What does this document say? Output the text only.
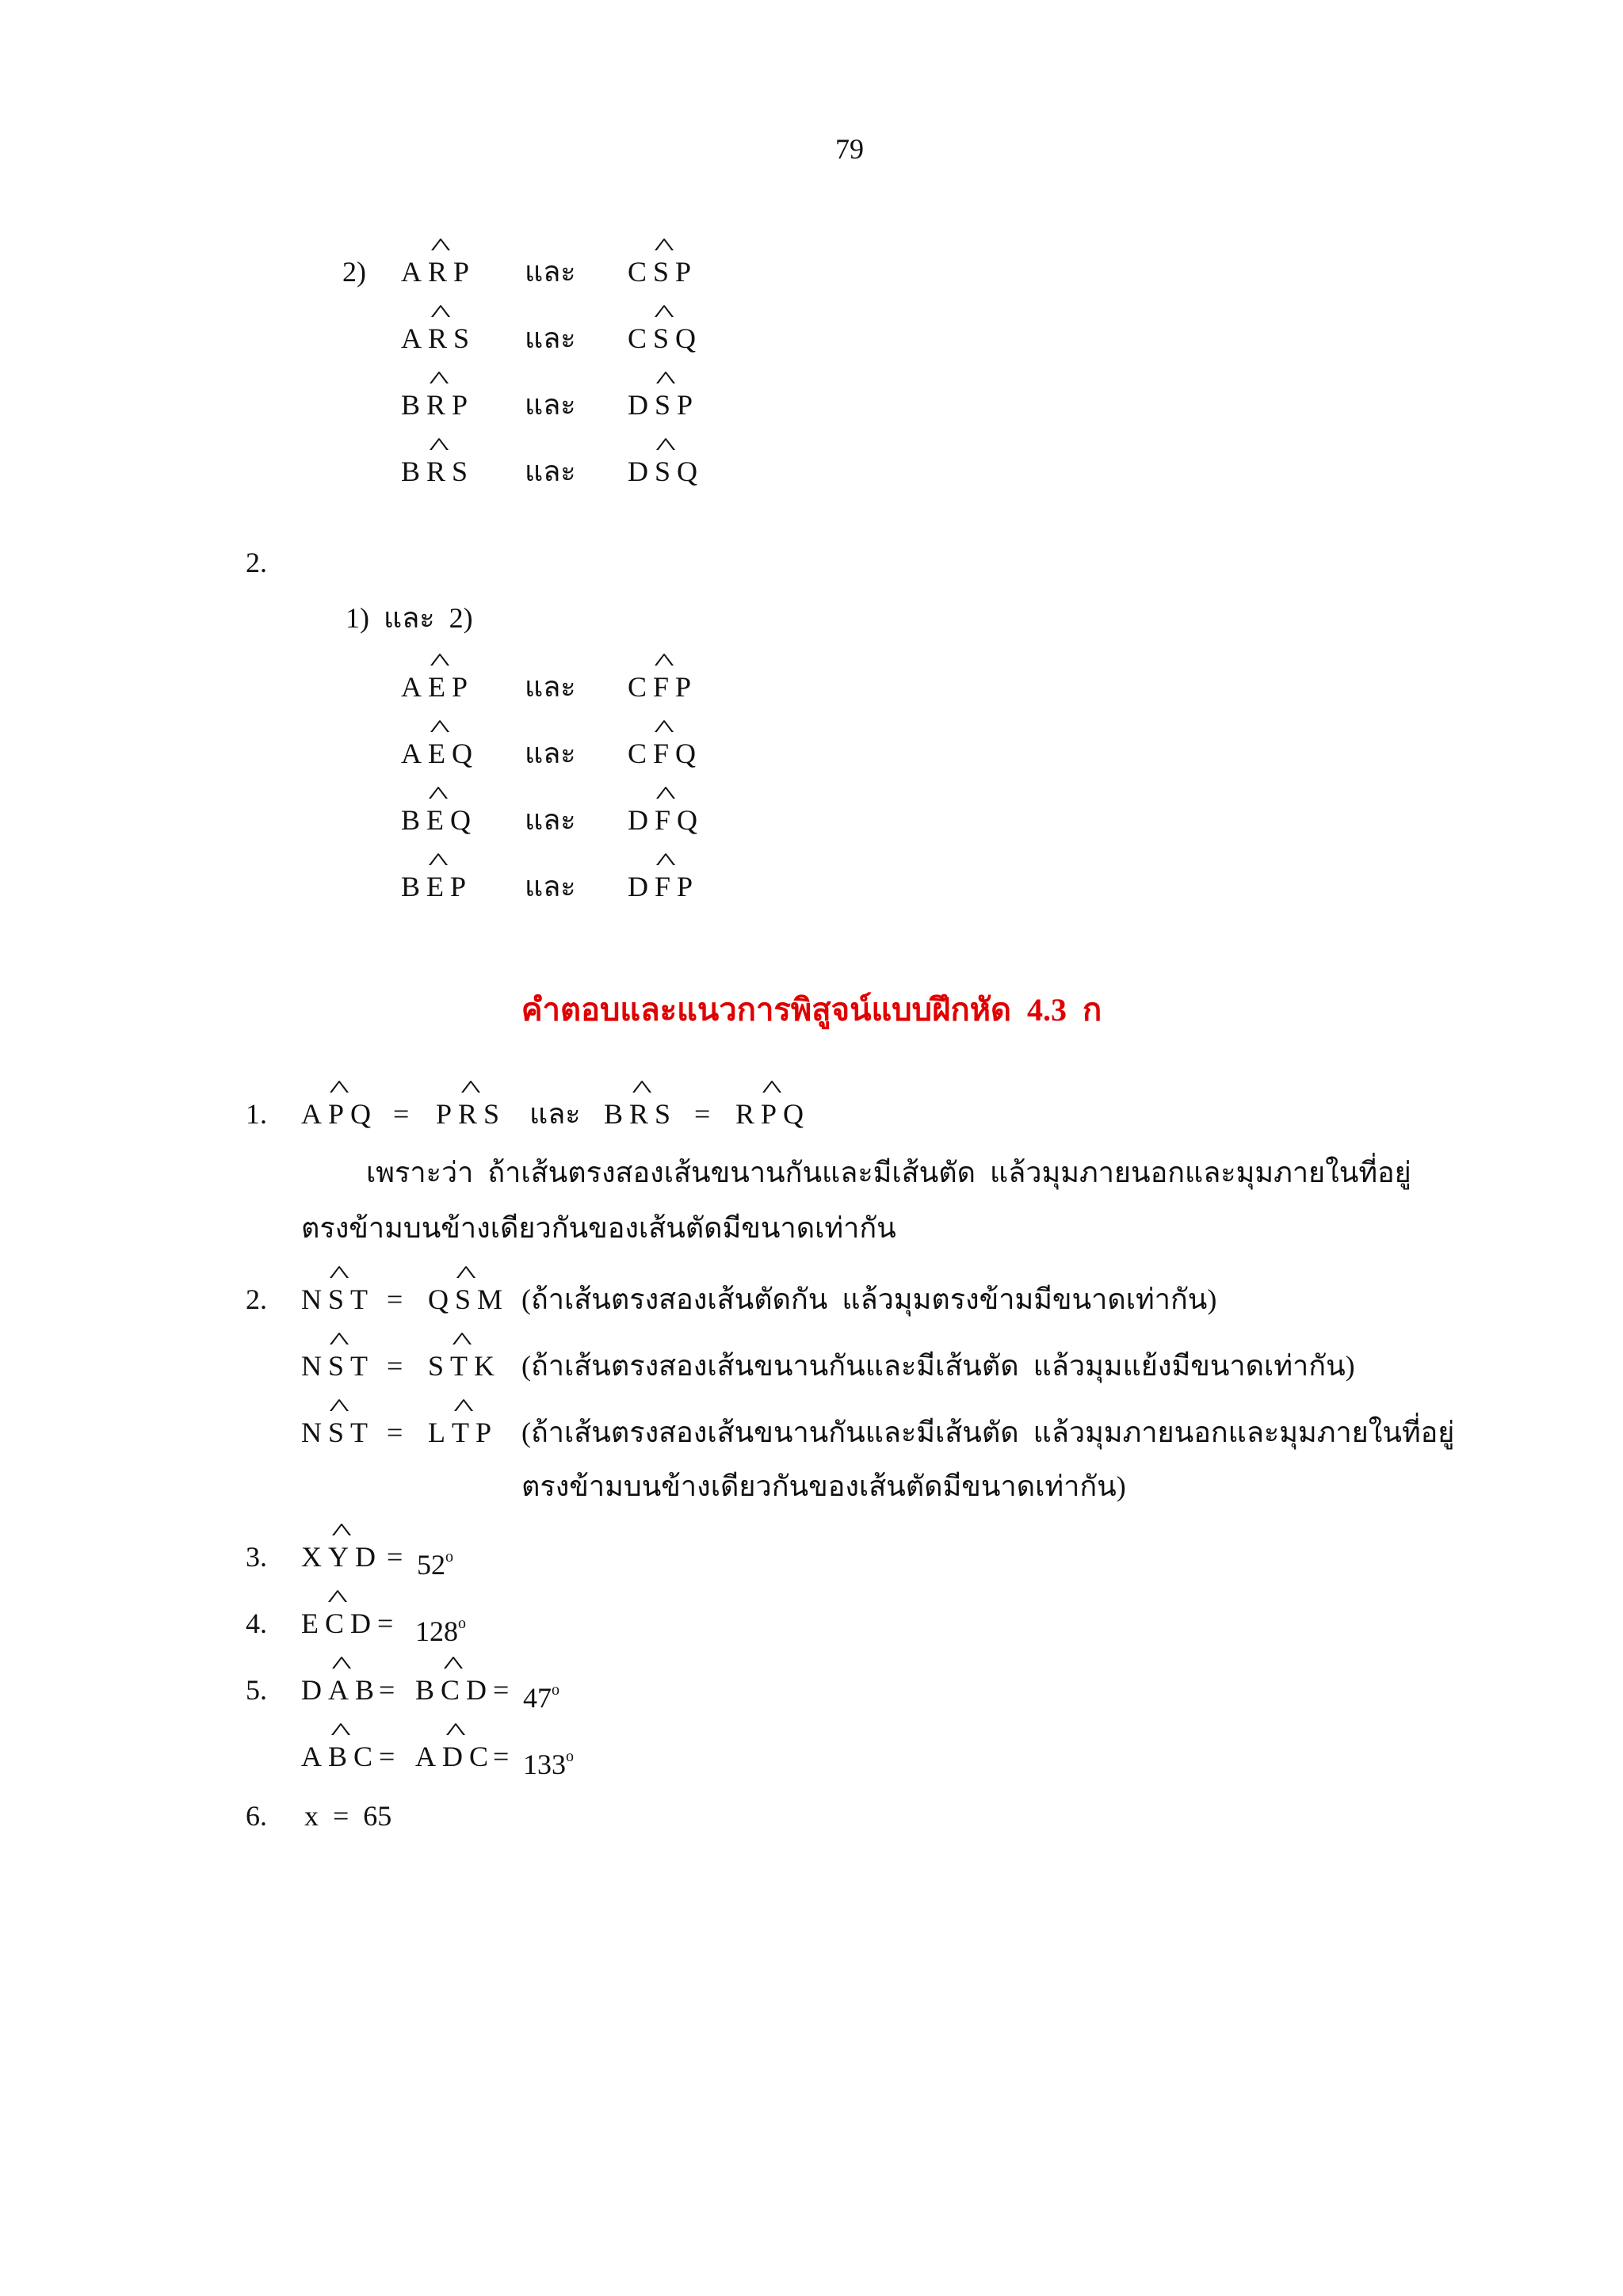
79
2) A^ RP และ C^ SP
A^ RS และ C^ SQ
B^ RP และ D^ SP
B^ RS และ D^ SQ
2.
1)  และ  2)
A^ EP และ C^ FP
A^ EQ และ C^ FQ
B^ EQ และ D^ FQ
B^ EP และ D^ FP
คำตอบและแนวการพิสูจน์แบบฝึกหัด  4.3  ก
1. A^ PQ = P^ RS และ B^ RS = R^ PQ
เพราะว่า  ถ้าเส้นตรงสองเส้นขนานกันและมีเส้นตัด  แล้วมุมภายนอกและมุมภายในที่อยู่
ตรงข้ามบนข้างเดียวกันของเส้นตัดมีขนาดเท่ากัน
2. N^ ST = Q^ SM (ถ้าเส้นตรงสองเส้นตัดกัน  แล้วมุมตรงข้ามมีขนาดเท่ากัน)
N^ ST = S^ TK (ถ้าเส้นตรงสองเส้นขนานกันและมีเส้นตัด  แล้วมุมแย้งมีขนาดเท่ากัน)
N^ ST = L^ TP (ถ้าเส้นตรงสองเส้นขนานกันและมีเส้นตัด  แล้วมุมภายนอกและมุมภายในที่อยู่
ตรงข้ามบนข้างเดียวกันของเส้นตัดมีขนาดเท่ากัน)
3. X^ YD = $52^o$
4. E^ CD = $128^o$
5. D^ AB
= B^ CD = $47^o$
A^ BC = A^ DC
= $133^o$
6. x  =  65
